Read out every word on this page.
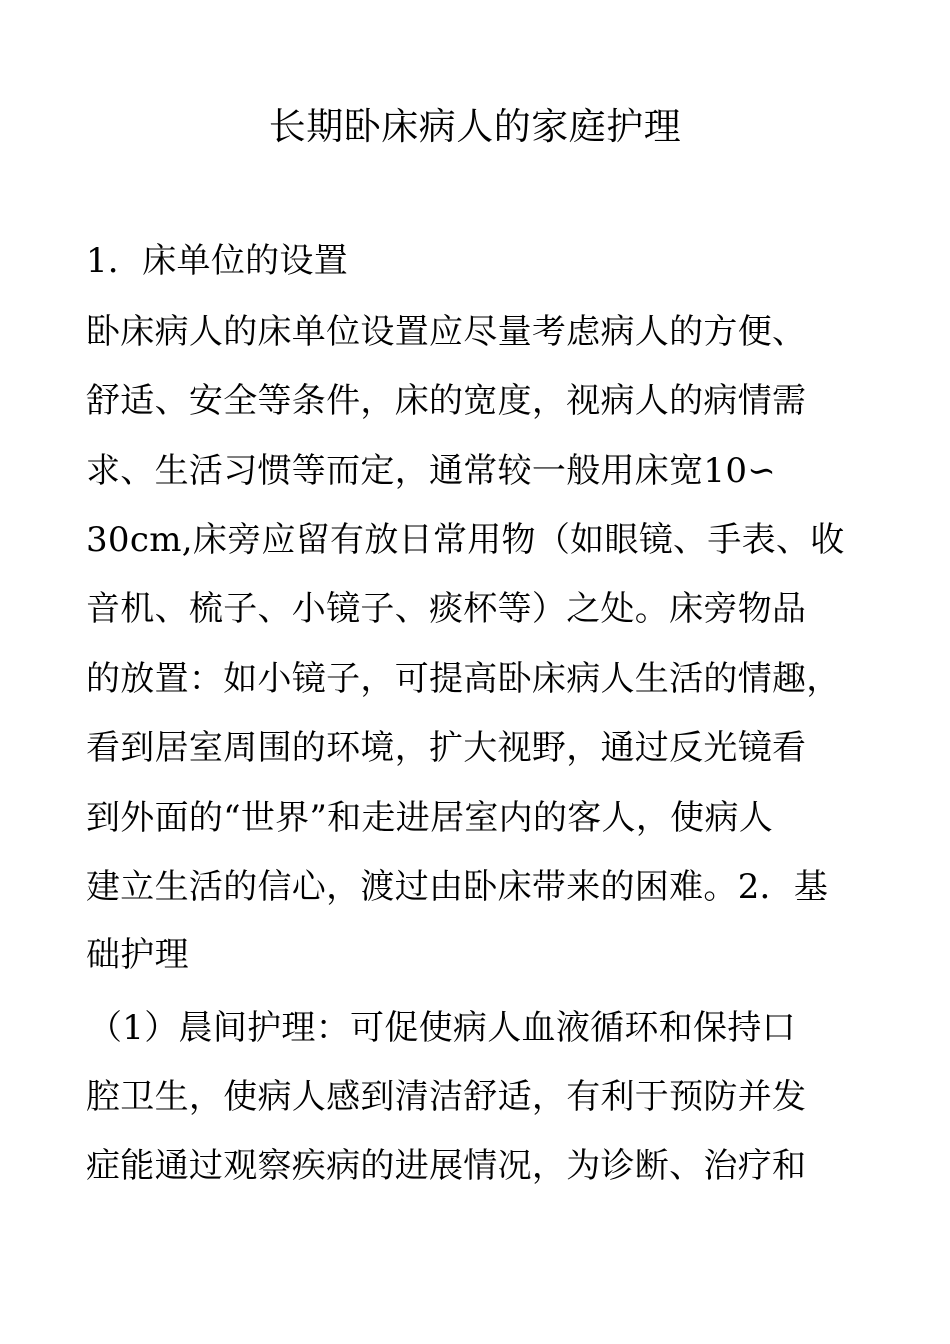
长期卧床病人的家庭护理
1．床单位的设置
卧床病人的床单位设置应尽量考虑病人的方便、
舒适、安全等条件，床的宽度，视病人的病情需
求、生活习惯等而定，通常较一般用床宽10∽
30cm,床旁应留有放日常用物（如眼镜、手表、收
音机、梳子、小镜子、痰杯等）之处。床旁物品
的放置：如小镜子，可提高卧床病人生活的情趣，
看到居室周围的环境，扩大视野，通过反光镜看
到外面的“世界”和走进居室内的客人，使病人
建立生活的信心，渡过由卧床带来的困难。2．基
础护理
（1）晨间护理：可促使病人血液循环和保持口
腔卫生，使病人感到清洁舒适，有利于预防并发
症能通过观察疾病的进展情况，为诊断、治疗和
